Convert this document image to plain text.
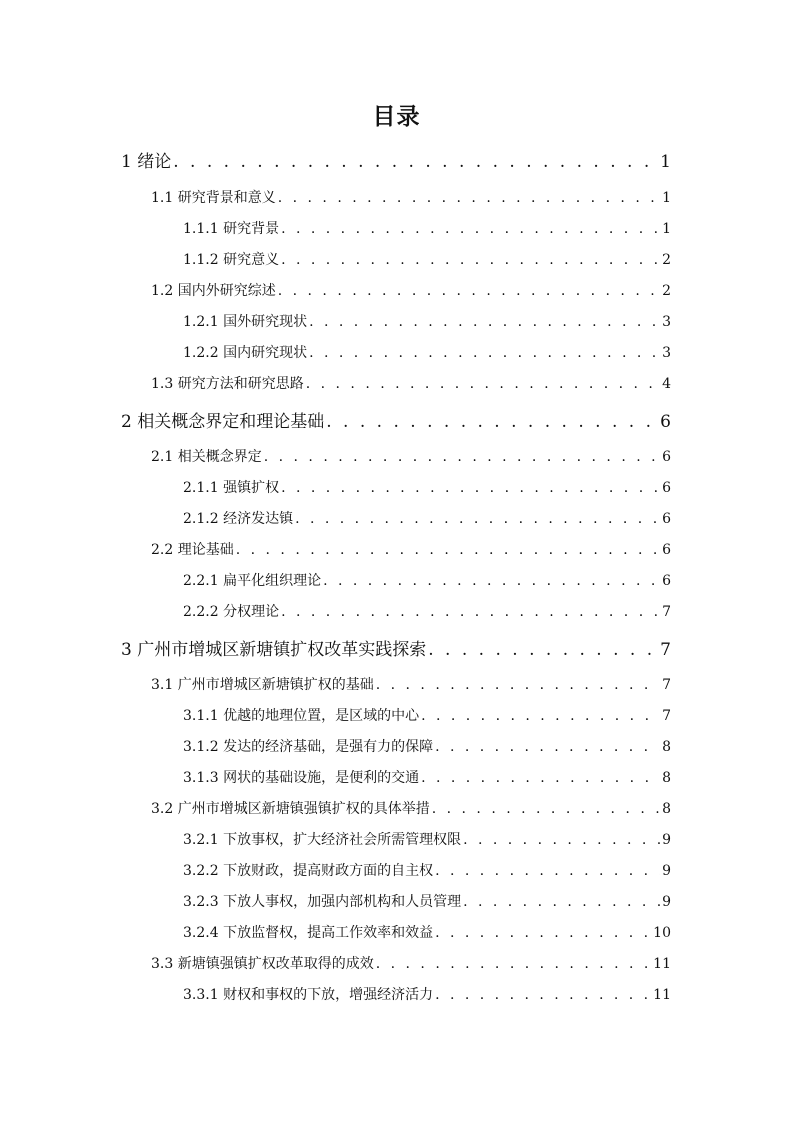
目录
1 绪论 . . .	1
1.1 研究背景和意义 . . .	1
1.1.1 研究背景 . . .	1
1.1.2 研究意义 . . .	2
1.2 国内外研究综述 . . .	2
1.2.1 国外研究现状 . . .	3
1.2.2 国内研究现状 . . .	3
1.3 研究方法和研究思路 . . .	4
2 相关概念界定和理论基础 . . .	6
2.1 相关概念界定 . . .	6
2.1.1 强镇扩权 . . .	6
2.1.2 经济发达镇 . . .	6
2.2 理论基础 . . .	6
2.2.1 扁平化组织理论 . . .	6
2.2.2 分权理论 . . .	7
3 广州市增城区新塘镇扩权改革实践探索 . . .	7
3.1 广州市增城区新塘镇扩权的基础 . . .	7
3.1.1 优越的地理位置，是区域的中心 . . .	7
3.1.2 发达的经济基础，是强有力的保障 . . .	8
3.1.3 网状的基础设施，是便利的交通 . . .	8
3.2 广州市增城区新塘镇强镇扩权的具体举措 . . .	8
3.2.1 下放事权，扩大经济社会所需管理权限 . . .	9
3.2.2 下放财政，提高财政方面的自主权 . . .	9
3.2.3 下放人事权，加强内部机构和人员管理 . . .	9
3.2.4 下放监督权，提高工作效率和效益 . . .	10
3.3 新塘镇强镇扩权改革取得的成效 . . .	11
3.3.1 财权和事权的下放，增强经济活力 . . .	11
